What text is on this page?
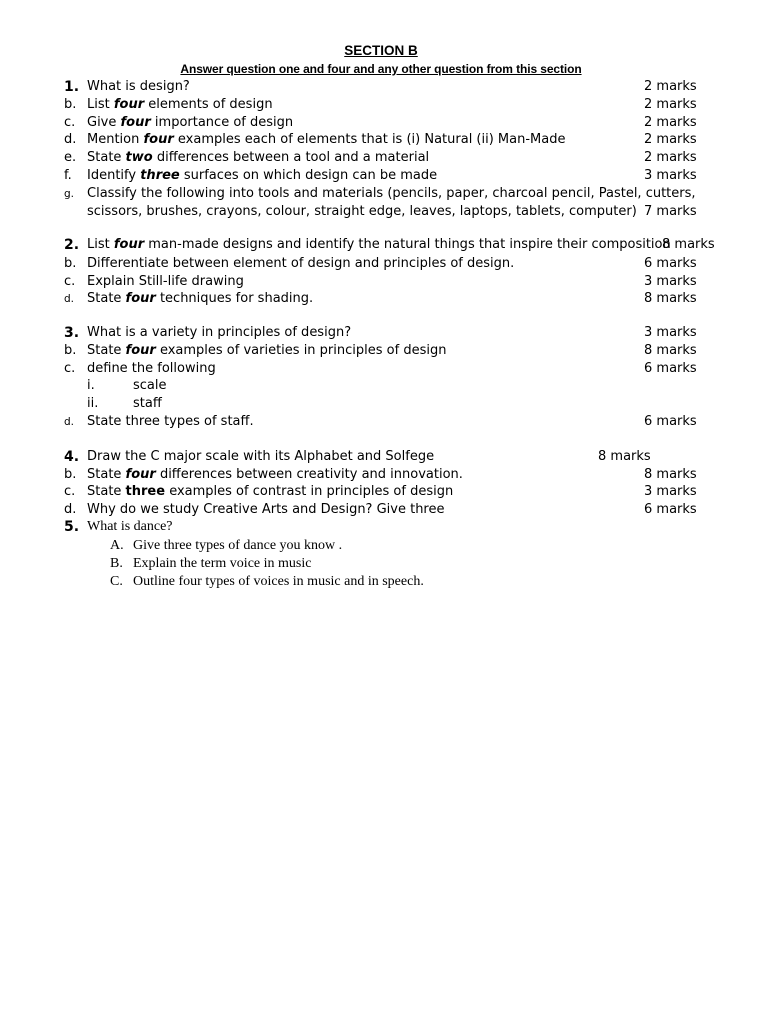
SECTION B
Answer question one and four and any other question from this section
1. What is design?	2 marks
b. List four elements of design	2 marks
c. Give four importance of design	2 marks
d. Mention four examples each of elements that is (i) Natural (ii) Man-Made	2 marks
e. State two differences between a tool and a material	2 marks
f. Identify three surfaces on which design can be made	3 marks
g. Classify the following into tools and materials (pencils, paper, charcoal pencil, Pastel, cutters,
scissors, brushes, crayons, colour, straight edge, leaves, laptops, tablets, computer) 7 marks
2. List four man-made designs and identify the natural things that inspire their composition
8 marks
b. Differentiate between element of design and principles of design.	6 marks
c. Explain Still-life drawing	3 marks
d. State four techniques for shading.	8 marks
3. What is a variety in principles of design?	3 marks
b. State four examples of varieties in principles of design	8 marks
c. define the following	6 marks
i.	scale
ii.	staff
d. State three types of staff.	6 marks
4. Draw the C major scale with its Alphabet and Solfege	8 marks
b. State four differences between creativity and innovation.	8 marks
c. State three examples of contrast in principles of design	3 marks
d. Why do we study Creative Arts and Design? Give three	6 marks
5. What is dance?
A. Give three types of dance you know .
B. Explain the term voice in music
C. Outline four types of voices in music and in speech.
